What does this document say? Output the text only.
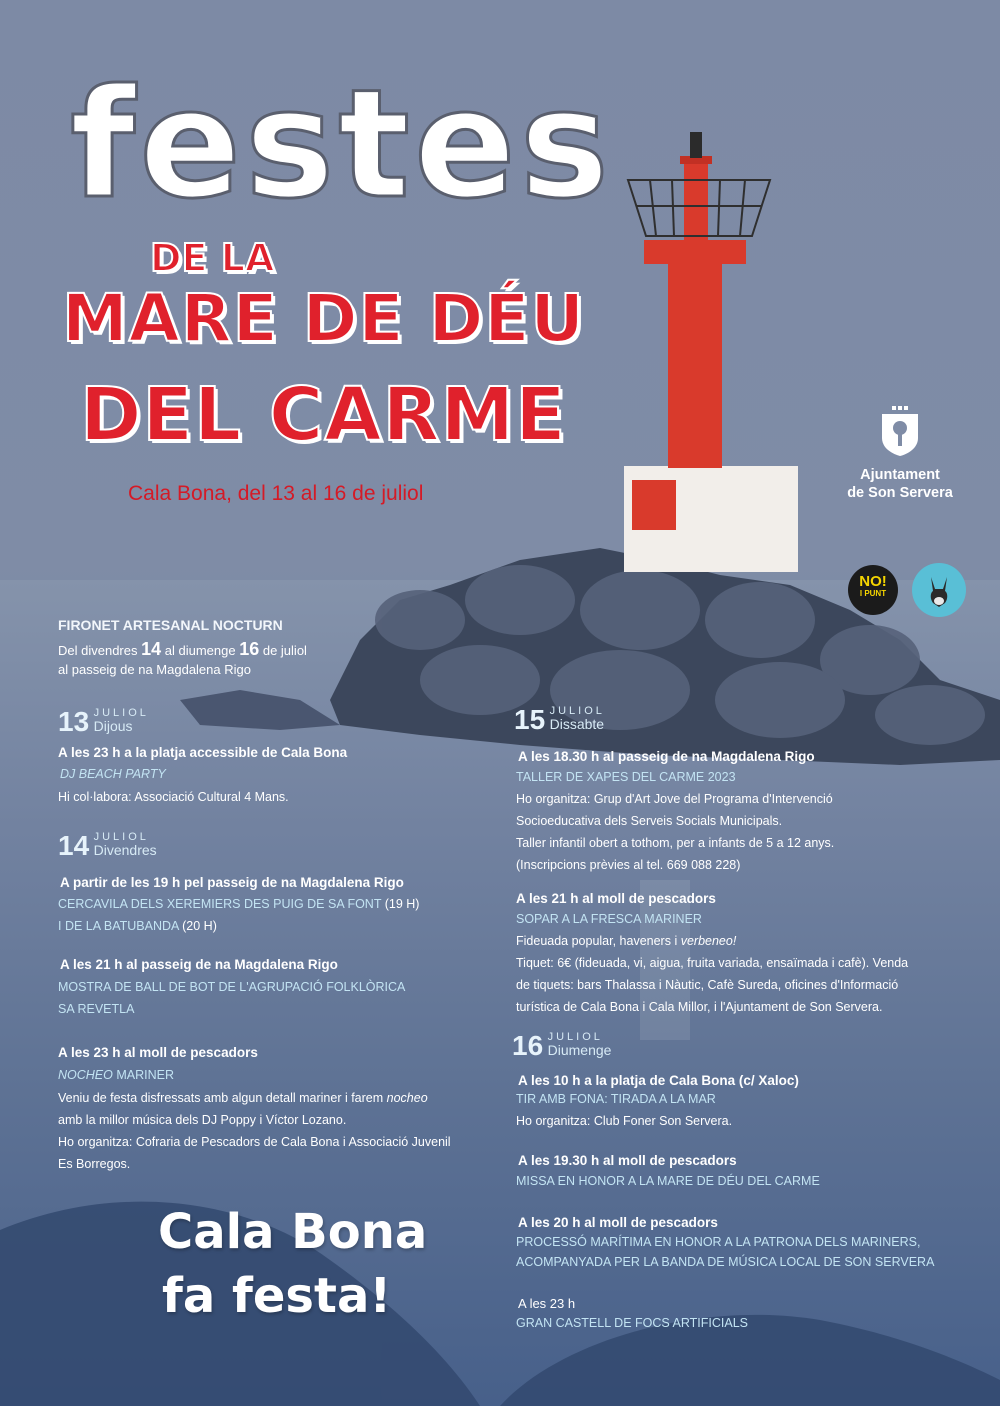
festes
DE LA
MARE DE DÉU
DEL CARME
Cala Bona, del 13 al 16 de juliol
Ajuntament
de Son Servera
NO!
I PUNT
FIRONET ARTESANAL NOCTURN
Del divendres 14 al diumenge 16 de juliol
al passeig de na Magdalena Rigo
13 JULIOL
Dijous
A les 23 h a la platja accessible de Cala Bona
DJ BEACH PARTY
Hi col·labora: Associació Cultural 4 Mans.
14 JULIOL
Divendres
A partir de les 19 h pel passeig de na Magdalena Rigo
CERCAVILA DELS XEREMIERS DES PUIG DE SA FONT (19 H)
I DE LA BATUBANDA (20 H)
A les 21 h al passeig de na Magdalena Rigo
MOSTRA DE BALL DE BOT DE L'AGRUPACIÓ FOLKLÒRICA
SA REVETLA
A les 23 h al moll de pescadors
NOCHEO MARINER
Veniu de festa disfressats amb algun detall mariner i farem nocheo
amb la millor música dels DJ Poppy i Víctor Lozano.
Ho organitza: Cofraria de Pescadors de Cala Bona i Associació Juvenil
Es Borregos.
15 JULIOL
Dissabte
A les 18.30 h al passeig de na Magdalena Rigo
TALLER DE XAPES DEL CARME 2023
Ho organitza: Grup d'Art Jove del Programa d'Intervenció
Socioeducativa dels Serveis Socials Municipals.
Taller infantil obert a tothom, per a infants de 5 a 12 anys.
(Inscripcions prèvies al tel. 669 088 228)
A les 21 h al moll de pescadors
SOPAR A LA FRESCA MARINER
Fideuada popular, haveners i verbeneo!
Tiquet: 6€ (fideuada, vi, aigua, fruita variada, ensaïmada i cafè). Venda
de tiquets: bars Thalassa i Nàutic, Cafè Sureda, oficines d'Informació
turística de Cala Bona i Cala Millor, i l'Ajuntament de Son Servera.
16 JULIOL
Diumenge
A les 10 h a la platja de Cala Bona (c/ Xaloc)
TIR AMB FONA: TIRADA A LA MAR
Ho organitza: Club Foner Son Servera.
A les 19.30 h al moll de pescadors
MISSA EN HONOR A LA MARE DE DÉU DEL CARME
A les 20 h al moll de pescadors
PROCESSÓ MARÍTIMA EN HONOR A LA PATRONA DELS MARINERS,
ACOMPANYADA PER LA BANDA DE MÚSICA LOCAL DE SON SERVERA
A les 23 h
GRAN CASTELL DE FOCS ARTIFICIALS
Cala Bona
fa festa!
